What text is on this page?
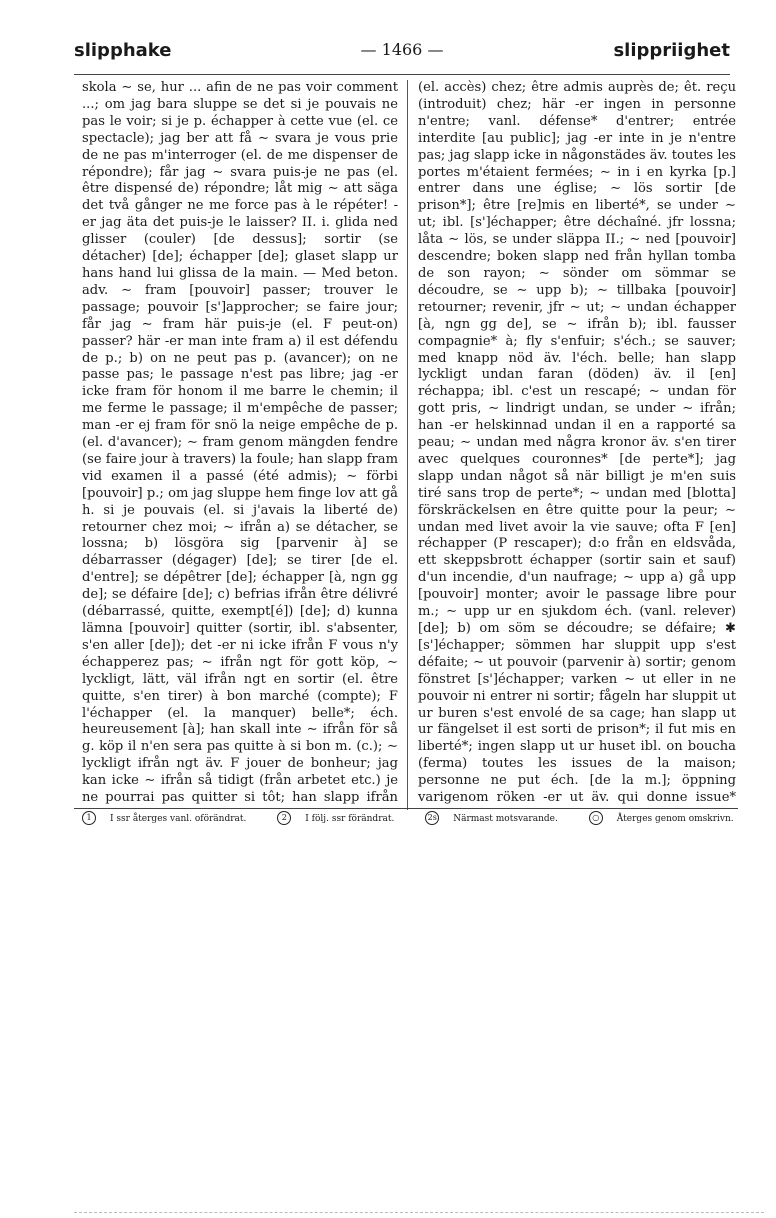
slipphake	— 1466 —	slippriighet

skola ∼ se, hur ... afin de ne pas voir comment ...; om jag bara sluppe se det si je pouvais ne pas le voir; si je p. échapper à cette vue (el. ce spectacle); jag ber att få ∼ svara je vous prie de ne pas m'interroger (el. de me dispenser de répondre); får jag ∼ svara puis-je ne pas (el. être dispensé de) répondre; låt mig ∼ att säga det två gånger ne me force pas à le répéter! -er jag äta det puis-je le laisser? II. i. glida ned glisser (couler) [de dessus]; sortir (se détacher) [de]; échapper [de]; glaset slapp ur hans hand lui glissa de la main. — Med beton. adv. ∼ fram [pouvoir] passer; trouver le passage; pouvoir [s']approcher; se faire jour; får jag ∼ fram här puis-je (el. F peut-on) passer? här -er man inte fram a) il est défendu de p.; b) on ne peut pas p. (avancer); on ne passe pas; le passage n'est pas libre; jag -er icke fram för honom il me barre le chemin; il me ferme le passage; il m'empêche de passer; man -er ej fram för snö la neige empêche de p. (el. d'avancer); ∼ fram genom mängden fendre (se faire jour à travers) la foule; han slapp fram vid examen il a passé (été admis); ∼ förbi [pouvoir] p.; om jag sluppe hem finge lov att gå h. si je pouvais (el. si j'avais la liberté de) retourner chez moi; ∼ ifrån a) se détacher, se lossna; b) lösgöra sig [parvenir à] se débarrasser (dégager) [de]; se tirer [de el. d'entre]; se dépêtrer [de]; échapper [à, ngn gg de]; se défaire [de]; c) befrias ifrån être délivré (débarrassé, quitte, exempt[é]) [de]; d) kunna lämna [pouvoir] quitter (sortir, ibl. s'absenter, s'en aller [de]); det -er ni icke ifrån F vous n'y échapperez pas; ∼ ifrån ngt för gott köp, ∼ lyckligt, lätt, väl ifrån ngt en sortir (el. être quitte, s'en tirer) à bon marché (compte); F l'échapper (el. la manquer) belle*; éch. heureusement [à]; han skall inte ∼ ifrån för så g. köp il n'en sera pas quitte à si bon m. (c.); ∼ lyckligt ifrån ngt äv. F jouer de bonheur; jag kan icke ∼ ifrån så tidigt (från arbetet etc.) je ne pourrai pas quitter si tôt; han slapp ifrån

(el. accès) chez; être admis auprès de; êt. reçu (introduit) chez; här -er ingen in personne n'entre; vanl. défense* d'entrer; entrée interdite [au public]; jag -er inte in je n'entre pas; jag slapp icke in någonstädes äv. toutes les portes m'étaient fermées; ∼ in i en kyrka [p.] entrer dans une église; ∼ lös sortir [de prison*]; être [re]mis en liberté*, se under ∼ ut; ibl. [s']échapper; être déchaîné. jfr lossna; låta ∼ lös, se under släppa II.; ∼ ned [pouvoir] descendre; boken slapp ned från hyllan tomba de son rayon; ∼ sönder om sömmar se découdre, se ∼ upp b); ∼ tillbaka [pouvoir] retourner; revenir, jfr ∼ ut; ∼ undan échapper [à, ngn gg de], se ∼ ifrån b); ibl. fausser compagnie* à; fly s'enfuir; s'éch.; se sauver; med knapp nöd äv. l'éch. belle; han slapp lyckligt undan faran (döden) äv. il [en] réchappa; ibl. c'est un rescapé; ∼ undan för gott pris, ∼ lindrigt undan, se under ∼ ifrån; han -er helskinnad undan il en a rapporté sa peau; ∼ undan med några kronor äv. s'en tirer avec quelques couronnes* [de perte*]; jag slapp undan något så när billigt je m'en suis tiré sans trop de perte*; ∼ undan med [blotta] förskräckelsen en être quitte pour la peur; ∼ undan med livet avoir la vie sauve; ofta F [en] réchapper (P rescaper); d:o från en eldsvåda, ett skeppsbrott échapper (sortir sain et sauf) d'un incendie, d'un naufrage; ∼ upp a) gå upp [pouvoir] monter; avoir le passage libre pour m.; ∼ upp ur en sjukdom éch. (vanl. relever) [de]; b) om söm se découdre; se défaire; ✱ [s']échapper; sömmen har sluppit upp s'est défaite; ∼ ut pouvoir (parvenir à) sortir; genom fönstret [s']échapper; varken ∼ ut eller in ne pouvoir ni entrer ni sortir; fågeln har sluppit ut ur buren s'est envolé de sa cage; han slapp ut ur fängelset il est sorti de prison*; il fut mis en liberté*; ingen slapp ut ur huset ibl. on boucha (ferma) toutes les issues de la maison; personne ne put éch. [de la m.]; öppning varigenom röken -er ut äv. qui donne issue*

1 I ssr återges vanl. oförändrat.	2 I följ. ssr förändrat.	2s Närmast motsvarande.	○ Återges genom omskrivn.
